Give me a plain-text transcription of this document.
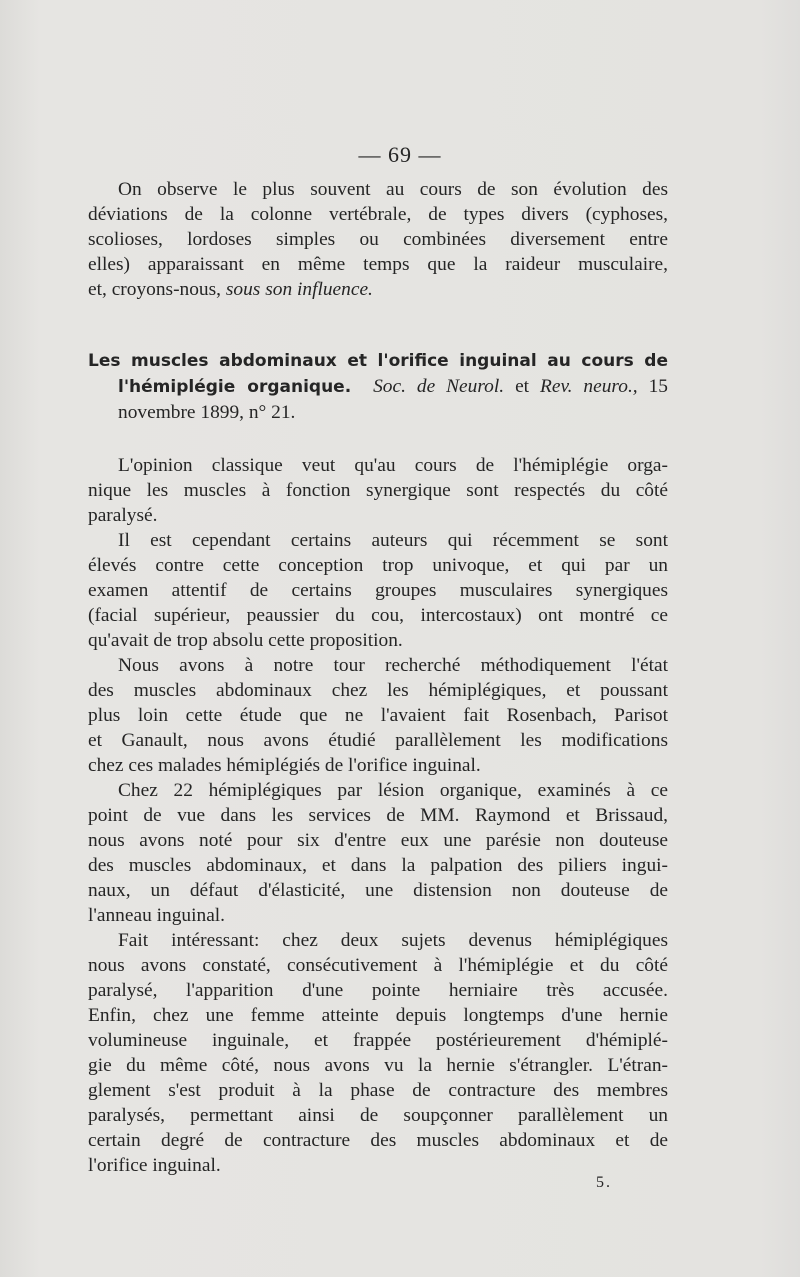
— 69 —
On observe le plus souvent au cours de son évolution des
déviations de la colonne vertébrale, de types divers (cyphoses,
scolioses, lordoses simples ou combinées diversement entre
elles) apparaissant en même temps que la raideur musculaire,
et, croyons-nous, sous son influence.
Les muscles abdominaux et l'orifice inguinal au cours de
l'hémiplégie organique. Soc. de Neurol. et Rev. neuro., 15
novembre 1899, n° 21.
L'opinion classique veut qu'au cours de l'hémiplégie orga-
nique les muscles à fonction synergique sont respectés du côté
paralysé.
Il est cependant certains auteurs qui récemment se sont
élevés contre cette conception trop univoque, et qui par un
examen attentif de certains groupes musculaires synergiques
(facial supérieur, peaussier du cou, intercostaux) ont montré ce
qu'avait de trop absolu cette proposition.
Nous avons à notre tour recherché méthodiquement l'état
des muscles abdominaux chez les hémiplégiques, et poussant
plus loin cette étude que ne l'avaient fait Rosenbach, Parisot
et Ganault, nous avons étudié parallèlement les modifications
chez ces malades hémiplégiés de l'orifice inguinal.
Chez 22 hémiplégiques par lésion organique, examinés à ce
point de vue dans les services de MM. Raymond et Brissaud,
nous avons noté pour six d'entre eux une parésie non douteuse
des muscles abdominaux, et dans la palpation des piliers ingui-
naux, un défaut d'élasticité, une distension non douteuse de
l'anneau inguinal.
Fait intéressant: chez deux sujets devenus hémiplégiques
nous avons constaté, consécutivement à l'hémiplégie et du côté
paralysé, l'apparition d'une pointe herniaire très accusée.
Enfin, chez une femme atteinte depuis longtemps d'une hernie
volumineuse inguinale, et frappée postérieurement d'hémiplé-
gie du même côté, nous avons vu la hernie s'étrangler. L'étran-
glement s'est produit à la phase de contracture des membres
paralysés, permettant ainsi de soupçonner parallèlement un
certain degré de contracture des muscles abdominaux et de
l'orifice inguinal.
5.
